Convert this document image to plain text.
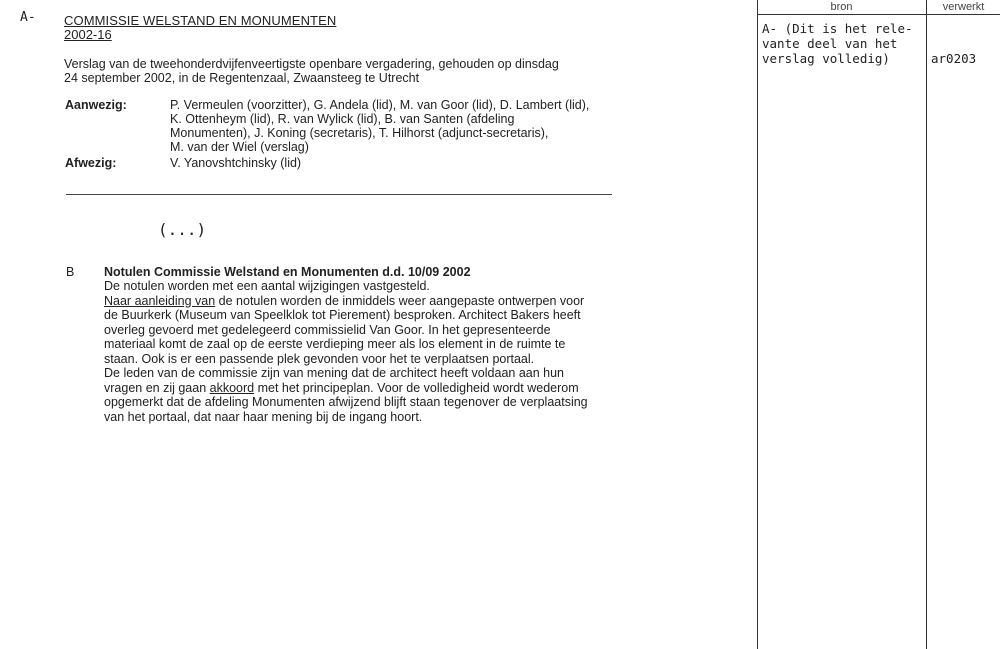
A- COMMISSIE WELSTAND EN MONUMENTEN
2002-16
Verslag van de tweehonderdvijfenveertigste openbare vergadering, gehouden op dinsdag
24 september 2002, in de Regentenzaal, Zwaansteeg te Utrecht
Aanwezig:	P. Vermeulen (voorzitter), G. Andela (lid), M. van Goor (lid), D. Lambert (lid),
K. Ottenheym (lid), R. van Wylick (lid), B. van Santen (afdeling
Monumenten), J. Koning (secretaris), T. Hilhorst (adjunct-secretaris),
M. van der Wiel (verslag)
Afwezig:	V. Yanovshtchinsky (lid)
(...)
B Notulen Commissie Welstand en Monumenten d.d. 10/09 2002
De notulen worden met een aantal wijzigingen vastgesteld.
Naar aanleiding van de notulen worden de inmiddels weer aangepaste ontwerpen voor
de Buurkerk (Museum van Speelklok tot Pierement) besproken. Architect Bakers heeft
overleg gevoerd met gedelegeerd commissielid Van Goor. In het gepresenteerde
materiaal komt de zaal op de eerste verdieping meer als los element in de ruimte te
staan. Ook is er een passende plek gevonden voor het te verplaatsen portaal.
De leden van de commissie zijn van mening dat de architect heeft voldaan aan hun
vragen en zij gaan akkoord met het principeplan. Voor de volledigheid wordt wederom
opgemerkt dat de afdeling Monumenten afwijzend blijft staan tegenover de verplaatsing
van het portaal, dat naar haar mening bij de ingang hoort.
bron	verwerkt
A- (Dit is het rele-
vante deel van het
verslag volledig)	ar0203
